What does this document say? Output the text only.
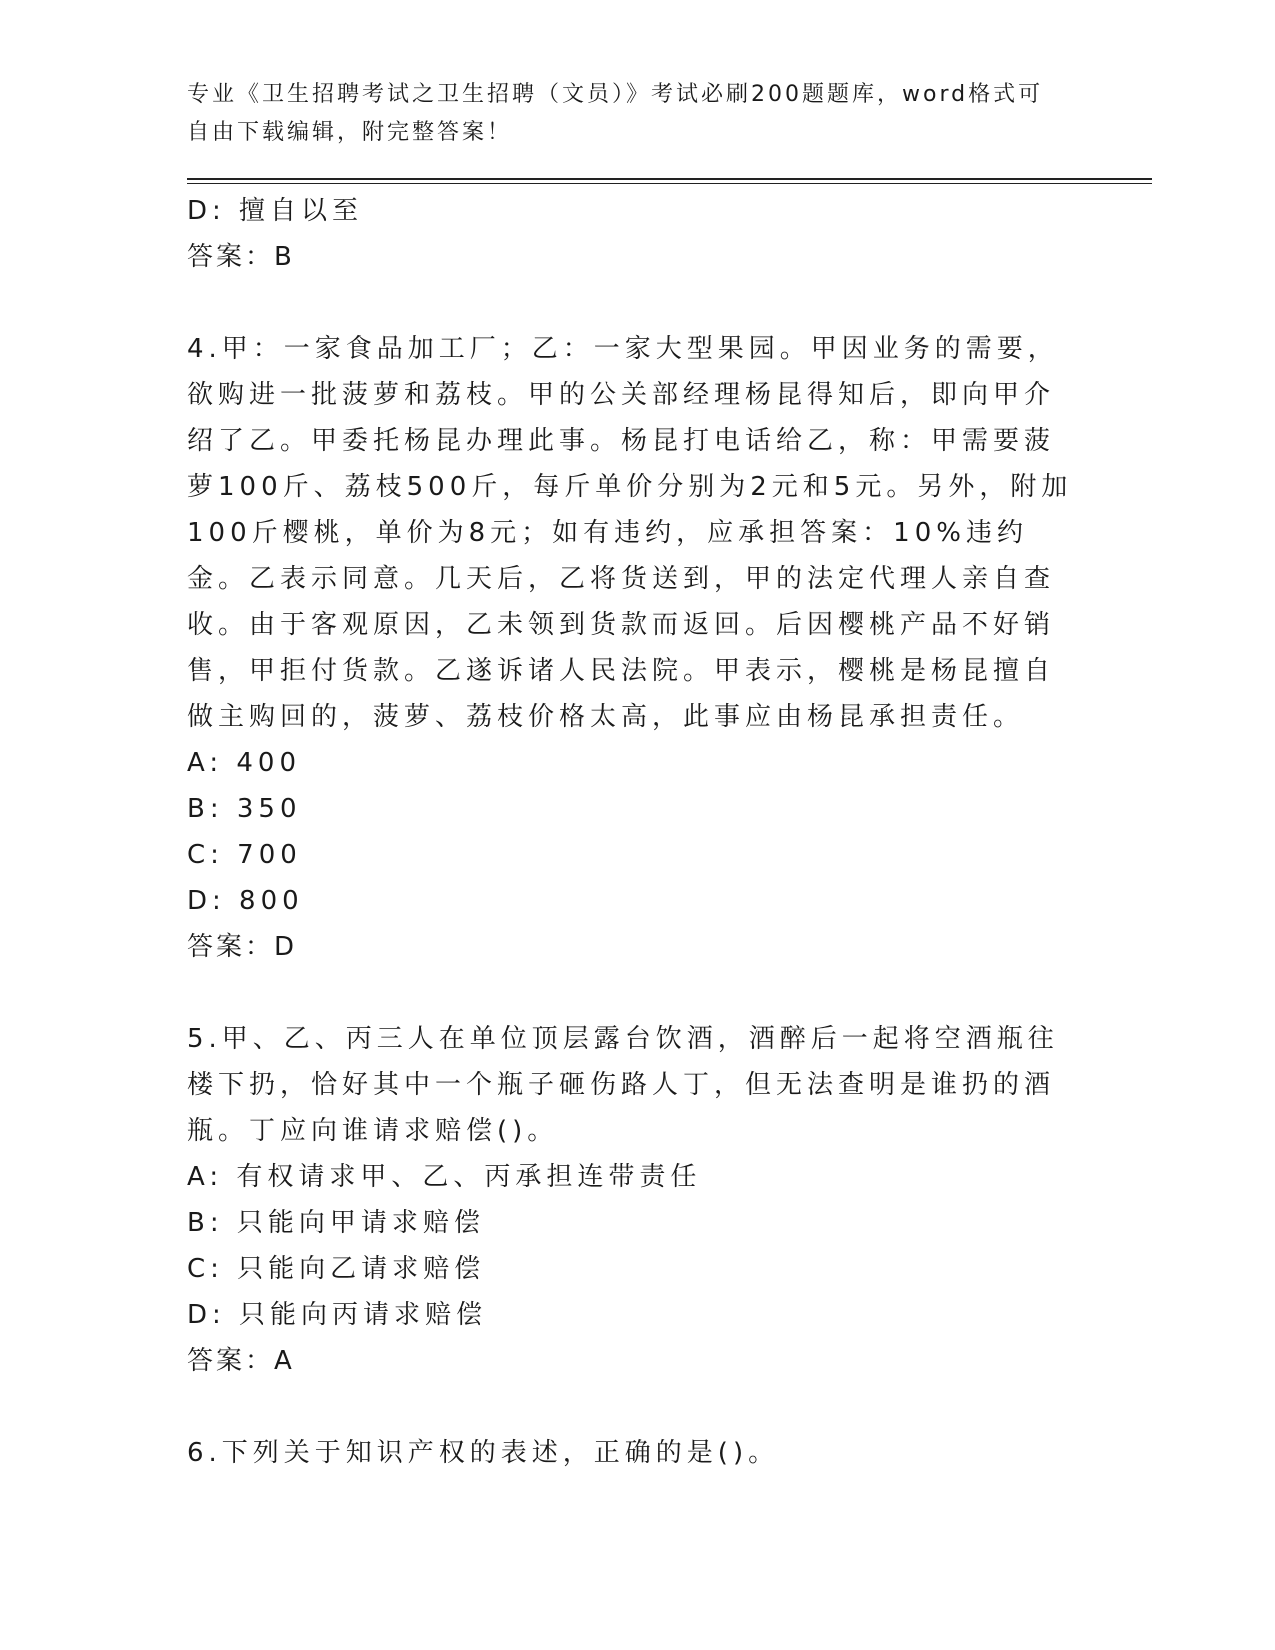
专业《卫生招聘考试之卫生招聘（文员）》考试必刷200题题库，word格式可自由下载编辑，附完整答案！
D: 擅自以至
答案：B
4.甲：一家食品加工厂；乙：一家大型果园。甲因业务的需要，欲购进一批菠萝和荔枝。甲的公关部经理杨昆得知后，即向甲介绍了乙。甲委托杨昆办理此事。杨昆打电话给乙，称：甲需要菠萝100斤、荔枝500斤，每斤单价分别为2元和5元。另外，附加100斤樱桃，单价为8元；如有违约，应承担答案：10%违约金。乙表示同意。几天后，乙将货送到，甲的法定代理人亲自查收。由于客观原因，乙未领到货款而返回。后因樱桃产品不好销售，甲拒付货款。乙遂诉诸人民法院。甲表示，樱桃是杨昆擅自做主购回的，菠萝、荔枝价格太高，此事应由杨昆承担责任。
A: 400
B: 350
C: 700
D: 800
答案：D
5.甲、乙、丙三人在单位顶层露台饮酒，酒醉后一起将空酒瓶往楼下扔，恰好其中一个瓶子砸伤路人丁，但无法查明是谁扔的酒瓶。丁应向谁请求赔偿()。
A: 有权请求甲、乙、丙承担连带责任
B: 只能向甲请求赔偿
C: 只能向乙请求赔偿
D: 只能向丙请求赔偿
答案：A
6.下列关于知识产权的表述，正确的是()。
